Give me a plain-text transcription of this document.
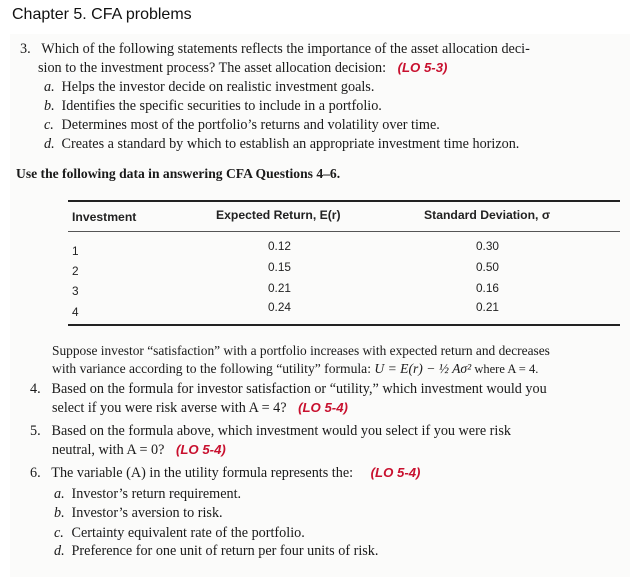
Chapter 5. CFA problems
3. Which of the following statements reflects the importance of the asset allocation deci-
sion to the investment process? The asset allocation decision: (LO 5-3)
a. Helps the investor decide on realistic investment goals.
b. Identifies the specific securities to include in a portfolio.
c. Determines most of the portfolio’s returns and volatility over time.
d. Creates a standard by which to establish an appropriate investment time horizon.
Use the following data in answering CFA Questions 4–6.
Investment	Expected Return, E(r)	Standard Deviation, σ
1	0.12	0.30
2	0.15	0.50
3	0.21	0.16
4	0.24	0.21
Suppose investor “satisfaction” with a portfolio increases with expected return and decreases
with variance according to the following “utility” formula: U = E(r) − ½ Aσ² where A = 4.
4. Based on the formula for investor satisfaction or “utility,” which investment would you
select if you were risk averse with A = 4? (LO 5-4)
5. Based on the formula above, which investment would you select if you were risk
neutral, with A = 0? (LO 5-4)
6. The variable (A) in the utility formula represents the: (LO 5-4)
a. Investor’s return requirement.
b. Investor’s aversion to risk.
c. Certainty equivalent rate of the portfolio.
d. Preference for one unit of return per four units of risk.
